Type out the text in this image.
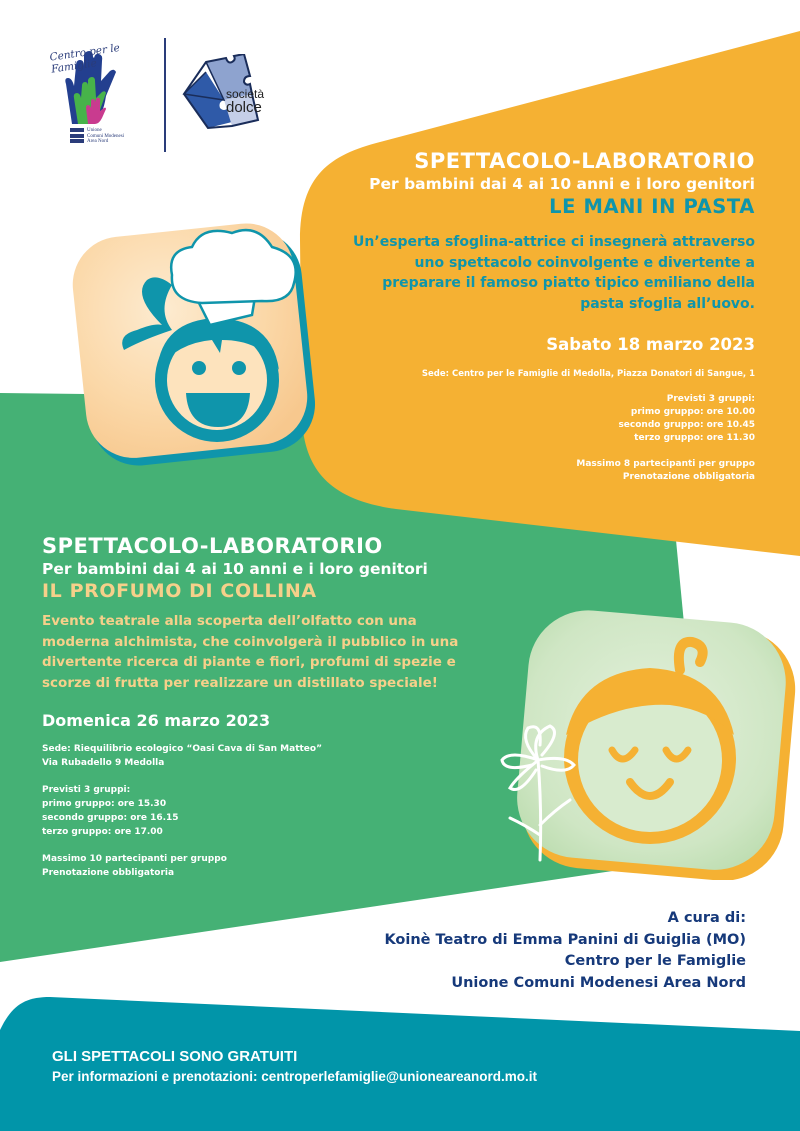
Centro per le Famiglie
Unione
Comuni Modenesi
Area Nord
società
dolce

SPETTACOLO-LABORATORIO

Per bambini dai 4 ai 10 anni e i loro genitori

LE MANI IN PASTA

Un’esperta sfoglina-attrice ci insegnerà attraverso
uno spettacolo coinvolgente e divertente a
preparare il famoso piatto tipico emiliano della
pasta sfoglia all’uovo.

Sabato 18 marzo 2023

Sede: Centro per le Famiglie di Medolla, Piazza Donatori di Sangue, 1

Previsti 3 gruppi:
primo gruppo: ore 10.00
secondo gruppo: ore 10.45
terzo gruppo: ore 11.30

Massimo 8 partecipanti per gruppo
Prenotazione obbligatoria

SPETTACOLO-LABORATORIO

Per bambini dai 4 ai 10 anni e i loro genitori

IL PROFUMO DI COLLINA

Evento teatrale alla scoperta dell’olfatto con una
moderna alchimista, che coinvolgerà il pubblico in una
divertente ricerca di piante e fiori, profumi di spezie e
scorze di frutta per realizzare un distillato speciale!

Domenica 26 marzo 2023

Sede: Riequilibrio ecologico “Oasi Cava di San Matteo”
Via Rubadello 9 Medolla

Previsti 3 gruppi:
primo gruppo: ore 15.30
secondo gruppo: ore 16.15
terzo gruppo: ore 17.00

Massimo 10 partecipanti per gruppo
Prenotazione obbligatoria

A cura di:

Koinè Teatro di Emma Panini di Guiglia (MO)

Centro per le Famiglie

Unione Comuni Modenesi Area Nord

GLI SPETTACOLI SONO GRATUITI

Per informazioni e prenotazioni: centroperlefamiglie@unioneareanord.mo.it
